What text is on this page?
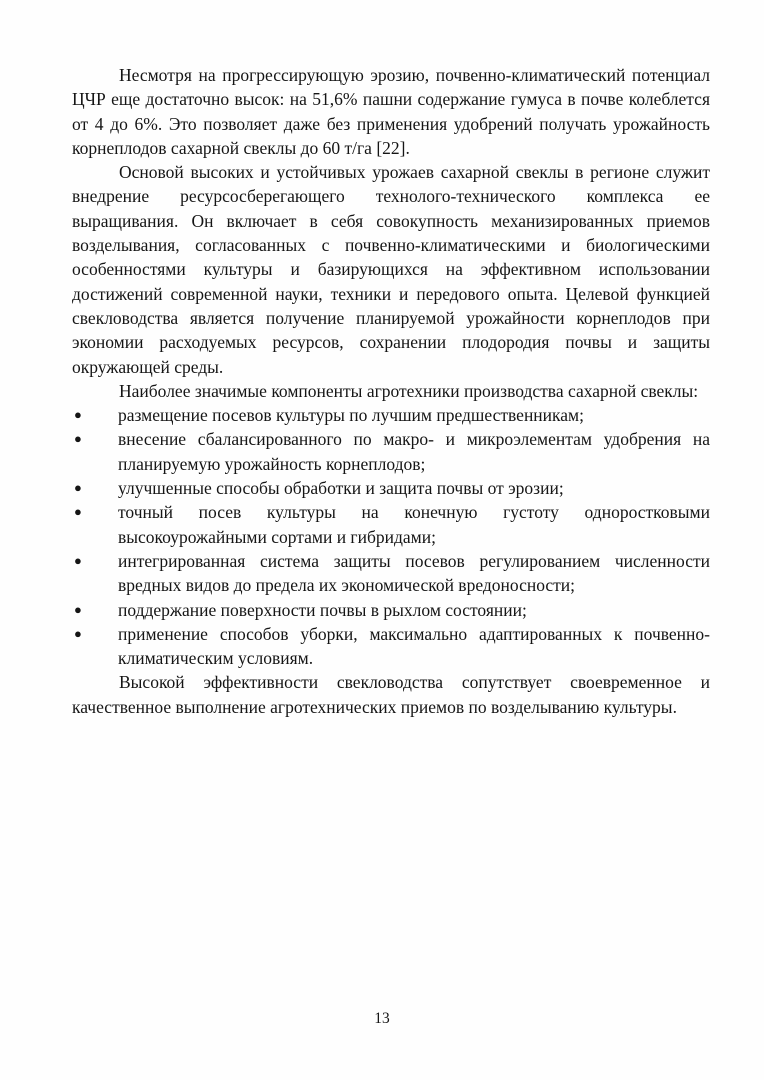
Несмотря на прогрессирующую эрозию, почвенно-климатический потенциал ЦЧР еще достаточно высок: на 51,6% пашни содержание гумуса в почве колеблется от 4 до 6%. Это позволяет даже без применения удобрений получать урожайность корнеплодов сахарной свеклы до 60 т/га [22].

Основой высоких и устойчивых урожаев сахарной свеклы в регионе служит внедрение ресурсосберегающего технолого-технического комплекса ее выращивания. Он включает в себя совокупность механизированных приемов возделывания, согласованных с почвенно-климатическими и биологическими особенностями культуры и базирующихся на эффективном использовании достижений современной науки, техники и передового опыта. Целевой функцией свекловодства является получение планируемой урожайности корнеплодов при экономии расходуемых ресурсов, сохранении плодородия почвы и защиты окружающей среды.

Наиболее значимые компоненты агротехники производства сахарной свеклы:

● размещение посевов культуры по лучшим предшественникам;
● внесение сбалансированного по макро- и микроэлементам удобрения на планируемую урожайность корнеплодов;
● улучшенные способы обработки и защита почвы от эрозии;
● точный посев культуры на конечную густоту одноростковыми высокоурожайными сортами и гибридами;
● интегрированная система защиты посевов регулированием численности вредных видов до предела их экономической вредоносности;
● поддержание поверхности почвы в рыхлом состоянии;
● применение способов уборки, максимально адаптированных к почвенно-климатическим условиям.

Высокой эффективности свекловодства сопутствует своевременное и качественное выполнение агротехнических приемов по возделыванию культуры.

13
